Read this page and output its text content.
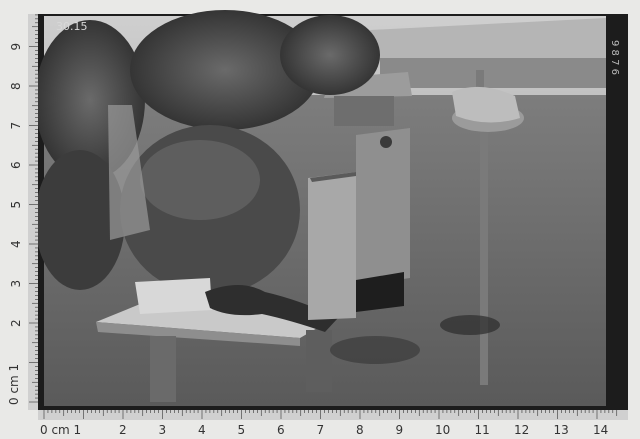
30.15
9 8 7 6
0 cm 1	2	3	4	5	6	7	8	9	10 11 12 13 14
0 cm 1
2
3
4
5
6
7
8
9
